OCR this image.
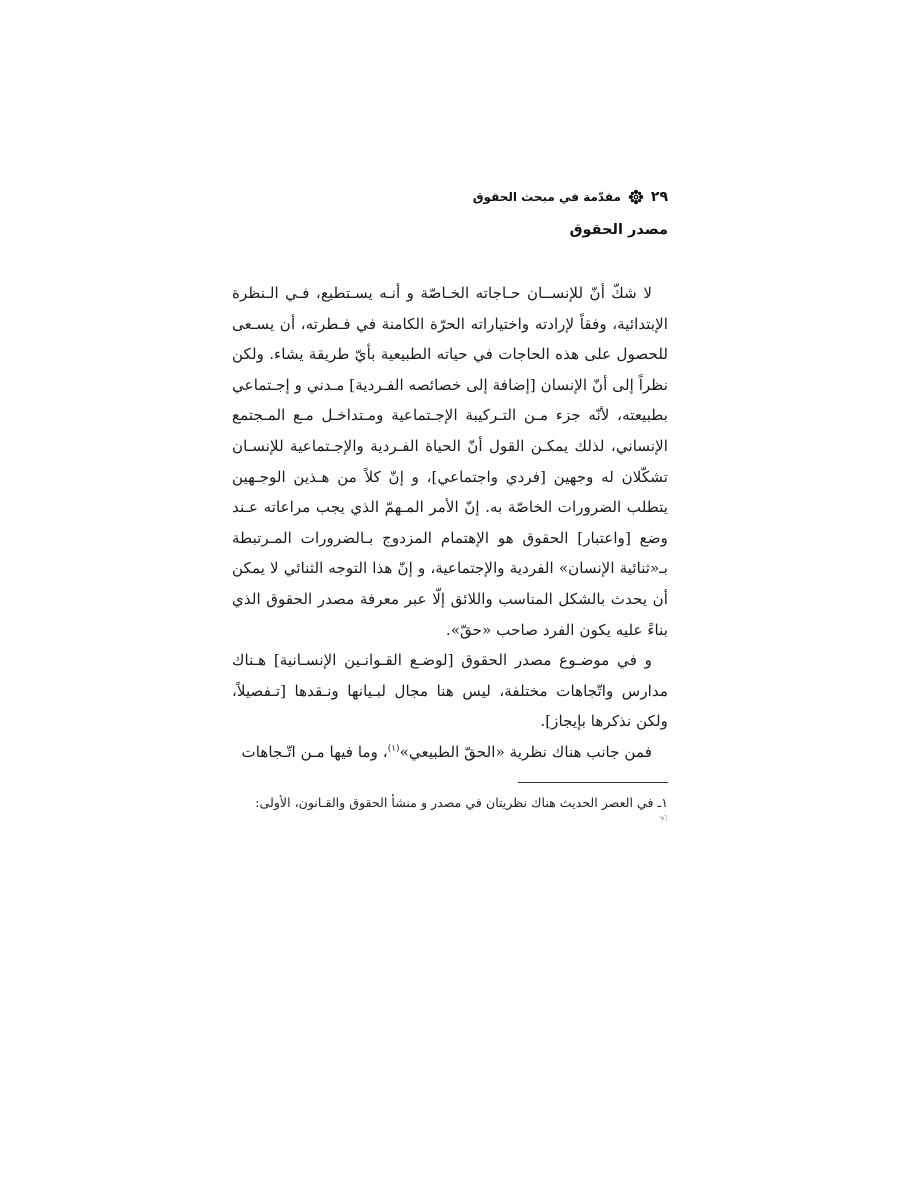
٢٩
مقدّمة في مبحث الحقوق
مصدر الحقوق

لا شكّ أنّ للإنســان حـاجاته الخـاصّة و أنـه يسـتطيع، فـي الـنظرة الإبتدائية، وفقاً لإرادته واختياراته الحرّة الكامنة في فـطرته، أن يسـعى للحصول على هذه الحاجات في حياته الطبيعية بأيّ طريقة يشاء. ولكن نظراً إلى أنّ الإنسان [إضافة إلى خصائصه الفـردية] مـدني و إجـتماعي بطبيعته، لأنّه جزء مـن التـركيبة الإجـتماعية ومـتداخـل مـع المـجتمع الإنساني، لذلك يمكـن القول أنّ الحياة الفـردية والإجـتماعية للإنسـان تشكّلان له وجهين [فردي واجتماعي]، و إنّ كلاً من هـذين الوجـهين يتطلب الضرورات الخاصّة به. إنّ الأمر المـهمّ الذي يجب مراعاته عـند وضع [واعتبار] الحقوق هو الإهتمام المزدوج بـالضرورات المـرتبطة بـ«ثنائية الإنسان» الفردية والإجتماعية، و إنّ هذا التوجه الثنائي لا يمكن أن يحدث بالشكل المناسب واللائق إلّا عبر معرفة مصدر الحقوق الذي بناءً عليه يكون الفرد صاحب «حقّ».

و في موضـوع مصدر الحقوق [لوضـع القـوانـين الإنسـانية] هـناك مدارس واتّجاهات مختلفة، ليس هنا مجال لبـيانها ونـقدها [تـفصيلاً، ولكن نذكرها بإيجاز].

فمن جانب هناك نظرية «الحقّ الطبيعي»$^{(١)}$، وما فيها مـن اتّـجاهات

١ـ في العصر الحديث هناك نظريتان في مصدر و منشأ الحقوق والقـانون، الأولى:
☜
